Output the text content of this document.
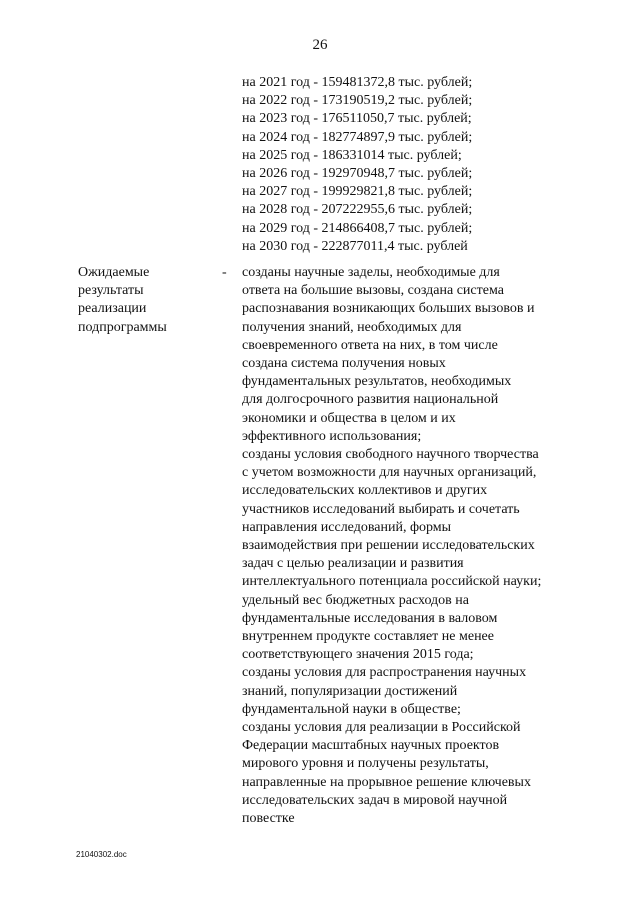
26
на 2021 год - 159481372,8 тыс. рублей;
на 2022 год - 173190519,2 тыс. рублей;
на 2023 год - 176511050,7 тыс. рублей;
на 2024 год - 182774897,9 тыс. рублей;
на 2025 год - 186331014 тыс. рублей;
на 2026 год - 192970948,7 тыс. рублей;
на 2027 год - 199929821,8 тыс. рублей;
на 2028 год - 207222955,6 тыс. рублей;
на 2029 год - 214866408,7 тыс. рублей;
на 2030 год - 222877011,4 тыс. рублей
Ожидаемые
результаты
реализации
подпрограммы
- созданы научные заделы, необходимые для
ответа на большие вызовы, создана система
распознавания возникающих больших вызовов и
получения знаний, необходимых для
своевременного ответа на них, в том числе
создана система получения новых
фундаментальных результатов, необходимых
для долгосрочного развития национальной
экономики и общества в целом и их
эффективного использования;
созданы условия свободного научного творчества
с учетом возможности для научных организаций,
исследовательских коллективов и других
участников исследований выбирать и сочетать
направления исследований, формы
взаимодействия при решении исследовательских
задач с целью реализации и развития
интеллектуального потенциала российской науки;
удельный вес бюджетных расходов на
фундаментальные исследования в валовом
внутреннем продукте составляет не менее
соответствующего значения 2015 года;
созданы условия для распространения научных
знаний, популяризации достижений
фундаментальной науки в обществе;
созданы условия для реализации в Российской
Федерации масштабных научных проектов
мирового уровня и получены результаты,
направленные на прорывное решение ключевых
исследовательских задач в мировой научной
повестке
21040302.doc
